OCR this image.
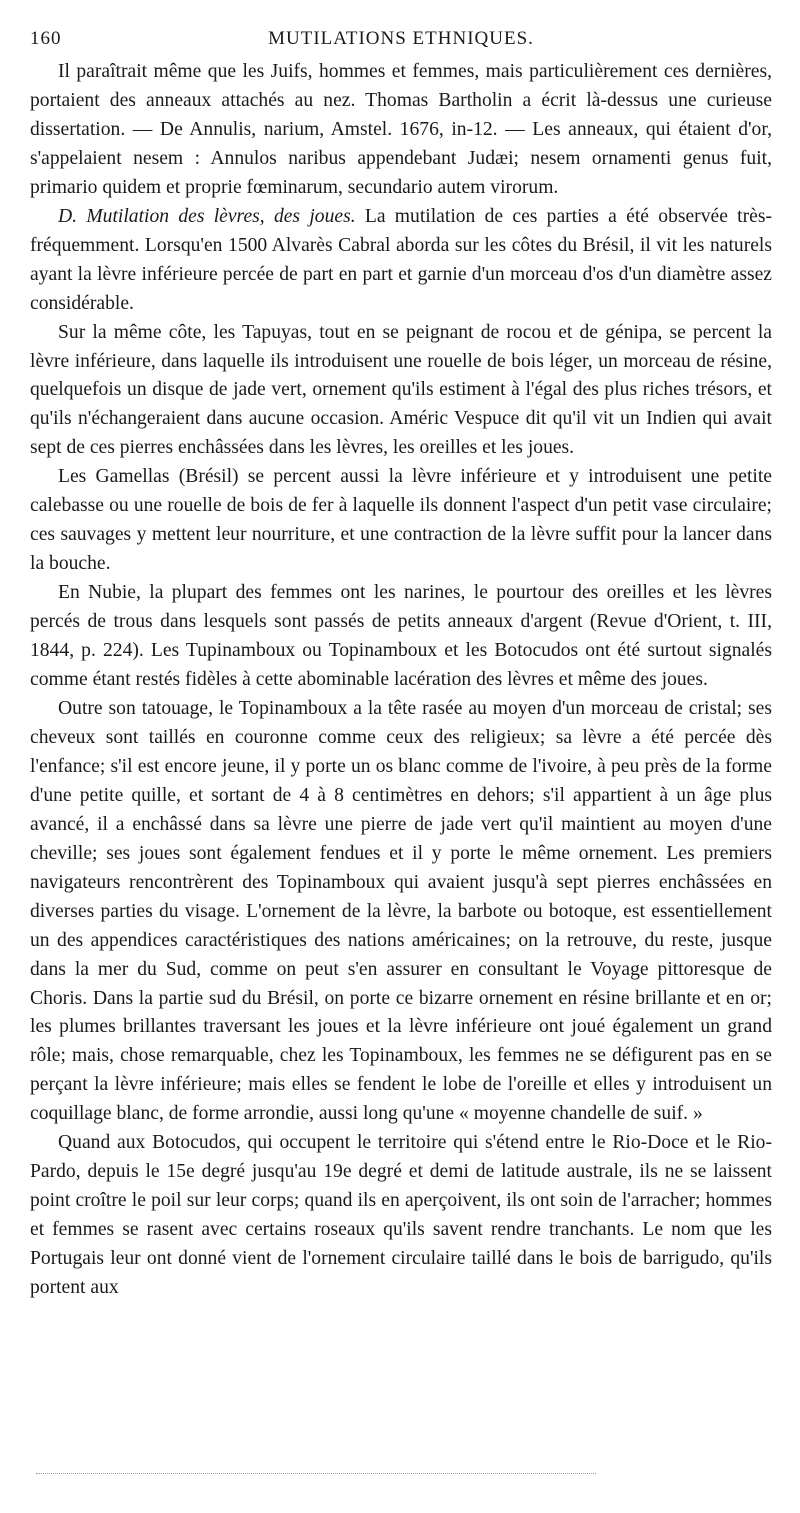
160	MUTILATIONS ETHNIQUES.

Il paraîtrait même que les Juifs, hommes et femmes, mais particulièrement ces dernières, portaient des anneaux attachés au nez. Thomas Bartholin a écrit là-dessus une curieuse dissertation. — De Annulis, narium, Amstel. 1676, in-12. — Les anneaux, qui étaient d'or, s'appelaient nesem : Annulos naribus appendebant Judæi; nesem ornamenti genus fuit, primario quidem et proprie fœminarum, secundario autem virorum.

D. Mutilation des lèvres, des joues. La mutilation de ces parties a été observée très-fréquemment. Lorsqu'en 1500 Alvarès Cabral aborda sur les côtes du Brésil, il vit les naturels ayant la lèvre inférieure percée de part en part et garnie d'un morceau d'os d'un diamètre assez considérable.

Sur la même côte, les Tapuyas, tout en se peignant de rocou et de génipa, se percent la lèvre inférieure, dans laquelle ils introduisent une rouelle de bois léger, un morceau de résine, quelquefois un disque de jade vert, ornement qu'ils estiment à l'égal des plus riches trésors, et qu'ils n'échangeraient dans aucune occasion. Améric Vespuce dit qu'il vit un Indien qui avait sept de ces pierres enchâssées dans les lèvres, les oreilles et les joues.

Les Gamellas (Brésil) se percent aussi la lèvre inférieure et y introduisent une petite calebasse ou une rouelle de bois de fer à laquelle ils donnent l'aspect d'un petit vase circulaire; ces sauvages y mettent leur nourriture, et une contraction de la lèvre suffit pour la lancer dans la bouche.

En Nubie, la plupart des femmes ont les narines, le pourtour des oreilles et les lèvres percés de trous dans lesquels sont passés de petits anneaux d'argent (Revue d'Orient, t. III, 1844, p. 224). Les Tupinamboux ou Topinamboux et les Botocudos ont été surtout signalés comme étant restés fidèles à cette abominable lacération des lèvres et même des joues.

Outre son tatouage, le Topinamboux a la tête rasée au moyen d'un morceau de cristal; ses cheveux sont taillés en couronne comme ceux des religieux; sa lèvre a été percée dès l'enfance; s'il est encore jeune, il y porte un os blanc comme de l'ivoire, à peu près de la forme d'une petite quille, et sortant de 4 à 8 centimètres en dehors; s'il appartient à un âge plus avancé, il a enchâssé dans sa lèvre une pierre de jade vert qu'il maintient au moyen d'une cheville; ses joues sont également fendues et il y porte le même ornement. Les premiers navigateurs rencontrèrent des Topinamboux qui avaient jusqu'à sept pierres enchâssées en diverses parties du visage. L'ornement de la lèvre, la barbote ou botoque, est essentiellement un des appendices caractéristiques des nations américaines; on la retrouve, du reste, jusque dans la mer du Sud, comme on peut s'en assurer en consultant le Voyage pittoresque de Choris. Dans la partie sud du Brésil, on porte ce bizarre ornement en résine brillante et en or; les plumes brillantes traversant les joues et la lèvre inférieure ont joué également un grand rôle; mais, chose remarquable, chez les Topinamboux, les femmes ne se défigurent pas en se perçant la lèvre inférieure; mais elles se fendent le lobe de l'oreille et elles y introduisent un coquillage blanc, de forme arrondie, aussi long qu'une « moyenne chandelle de suif. »

Quand aux Botocudos, qui occupent le territoire qui s'étend entre le Rio-Doce et le Rio-Pardo, depuis le 15e degré jusqu'au 19e degré et demi de latitude australe, ils ne se laissent point croître le poil sur leur corps; quand ils en aperçoivent, ils ont soin de l'arracher; hommes et femmes se rasent avec certains roseaux qu'ils savent rendre tranchants. Le nom que les Portugais leur ont donné vient de l'ornement circulaire taillé dans le bois de barrigudo, qu'ils portent aux
